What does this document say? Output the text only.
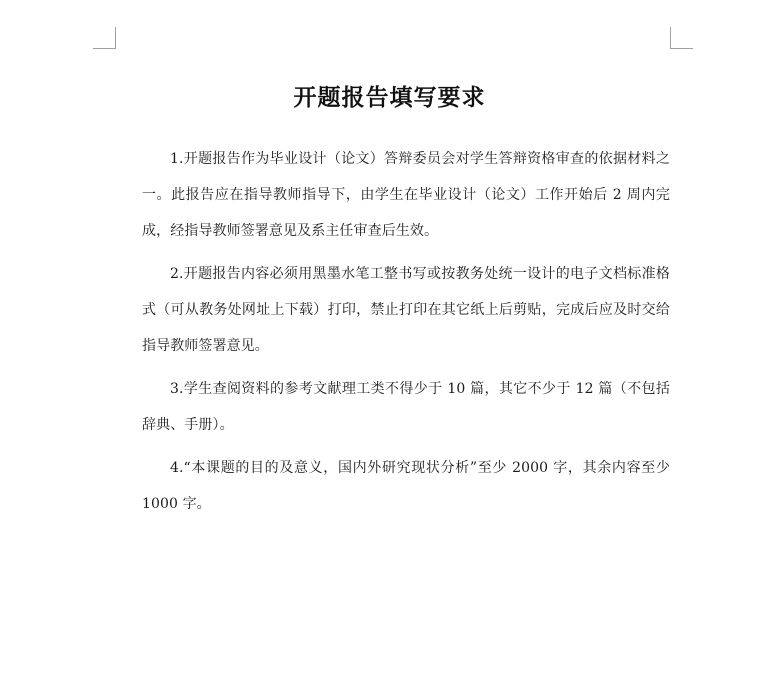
开题报告填写要求

1.开题报告作为毕业设计（论文）答辩委员会对学生答辩资格审查的依据材料之一。此报告应在指导教师指导下，由学生在毕业设计（论文）工作开始后 2 周内完成，经指导教师签署意见及系主任审查后生效。

2.开题报告内容必须用黑墨水笔工整书写或按教务处统一设计的电子文档标准格式（可从教务处网址上下载）打印，禁止打印在其它纸上后剪贴，完成后应及时交给指导教师签署意见。

3.学生查阅资料的参考文献理工类不得少于 10 篇，其它不少于 12 篇（不包括辞典、手册）。

4.“本课题的目的及意义，国内外研究现状分析”至少 2000 字，其余内容至少 1000 字。
